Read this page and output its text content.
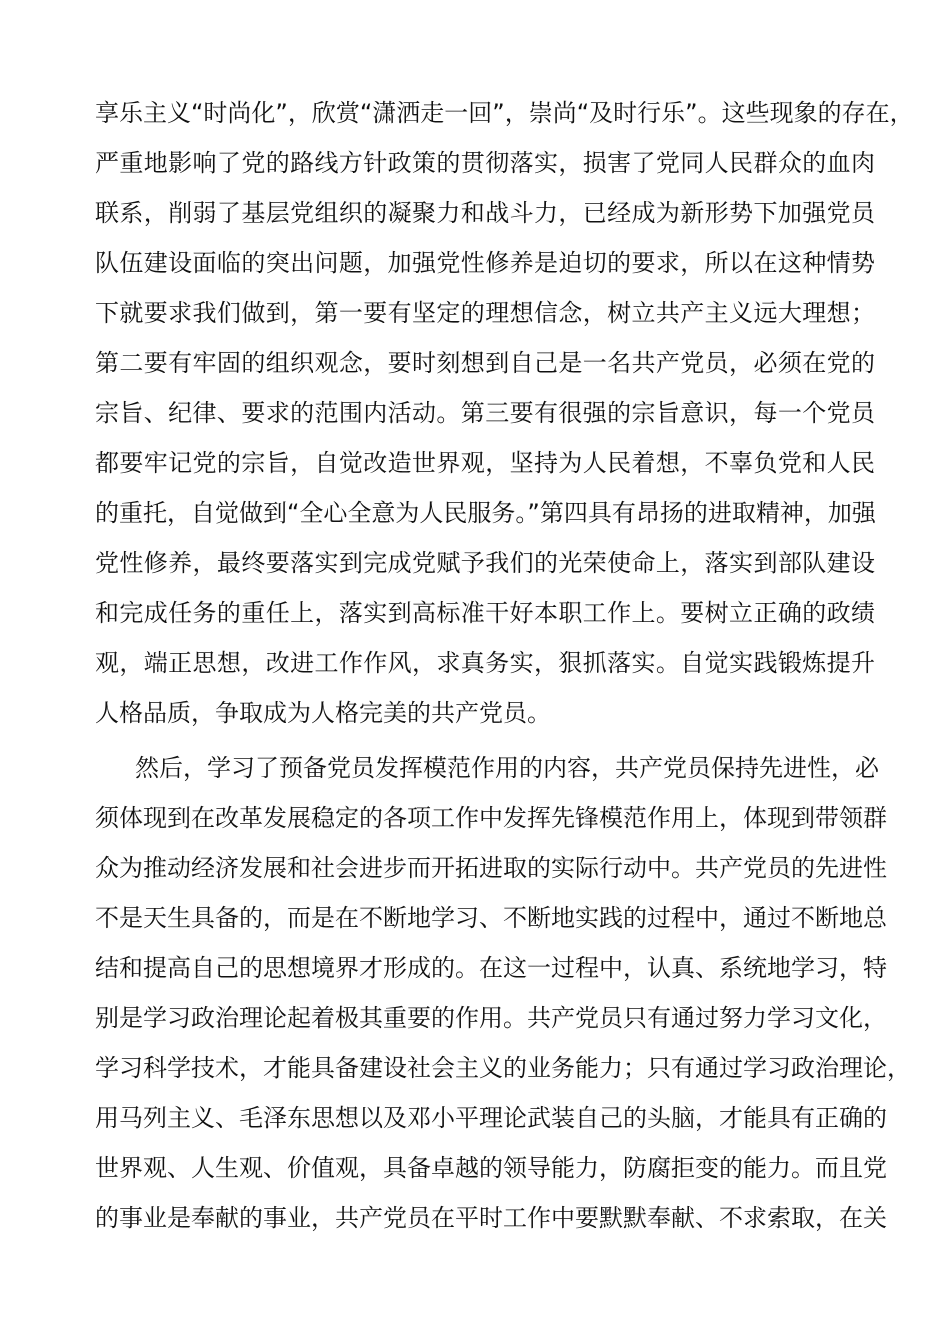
享乐主义“时尚化”，欣赏“潇洒走一回”，崇尚“及时行乐”。这些现象的存在，

严重地影响了党的路线方针政策的贯彻落实，损害了党同人民群众的血肉

联系，削弱了基层党组织的凝聚力和战斗力，已经成为新形势下加强党员

队伍建设面临的突出问题，加强党性修养是迫切的要求，所以在这种情势

下就要求我们做到，第一要有坚定的理想信念，树立共产主义远大理想；

第二要有牢固的组织观念，要时刻想到自己是一名共产党员，必须在党的

宗旨、纪律、要求的范围内活动。第三要有很强的宗旨意识，每一个党员

都要牢记党的宗旨，自觉改造世界观，坚持为人民着想，不辜负党和人民

的重托，自觉做到“全心全意为人民服务。”第四具有昂扬的进取精神，加强

党性修养，最终要落实到完成党赋予我们的光荣使命上，落实到部队建设

和完成任务的重任上，落实到高标准干好本职工作上。要树立正确的政绩

观，端正思想，改进工作作风，求真务实，狠抓落实。自觉实践锻炼提升

人格品质，争取成为人格完美的共产党员。

然后，学习了预备党员发挥模范作用的内容，共产党员保持先进性，必

须体现到在改革发展稳定的各项工作中发挥先锋模范作用上，体现到带领群

众为推动经济发展和社会进步而开拓进取的实际行动中。共产党员的先进性

不是天生具备的，而是在不断地学习、不断地实践的过程中，通过不断地总

结和提高自己的思想境界才形成的。在这一过程中，认真、系统地学习，特

别是学习政治理论起着极其重要的作用。共产党员只有通过努力学习文化，

学习科学技术，才能具备建设社会主义的业务能力；只有通过学习政治理论，

用马列主义、毛泽东思想以及邓小平理论武装自己的头脑，才能具有正确的

世界观、人生观、价值观，具备卓越的领导能力，防腐拒变的能力。而且党

的事业是奉献的事业，共产党员在平时工作中要默默奉献、不求索取，在关
